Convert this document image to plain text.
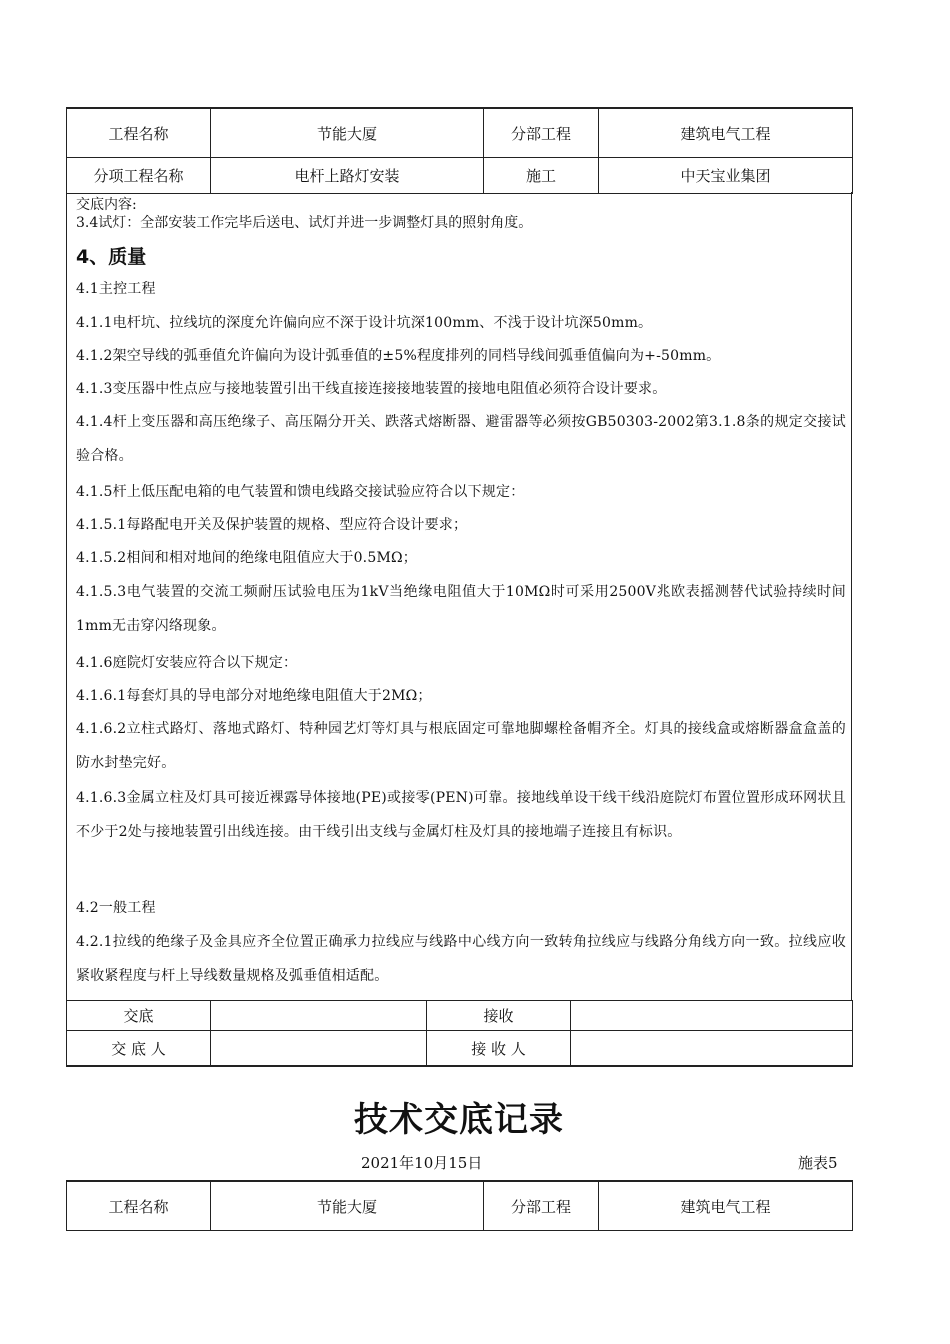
工程名称	节能大厦	分部工程	建筑电气工程
分项工程名称	电杆上路灯安装	施工	中天宝业集团
交底内容:
3.4试灯：全部安装工作完毕后送电、试灯并进一步调整灯具的照射角度。
4、质量
4.1主控工程
4.1.1电杆坑、拉线坑的深度允许偏向应不深于设计坑深100mm、不浅于设计坑深50mm。
4.1.2架空导线的弧垂值允许偏向为设计弧垂值的±5%程度排列的同档导线间弧垂值偏向为+-50mm。
4.1.3变压器中性点应与接地装置引出干线直接连接接地装置的接地电阻值必须符合设计要求。
4.1.4杆上变压器和高压绝缘子、高压隔分开关、跌落式熔断器、避雷器等必须按GB50303-2002第3.1.8条的规定交接试验合格。
4.1.5杆上低压配电箱的电气装置和馈电线路交接试验应符合以下规定：
4.1.5.1每路配电开关及保护装置的规格、型应符合设计要求；
4.1.5.2相间和相对地间的绝缘电阻值应大于0.5MΩ；
4.1.5.3电气装置的交流工频耐压试验电压为1kV当绝缘电阻值大于10MΩ时可采用2500V兆欧表摇测替代试验持续时间1mm无击穿闪络现象。
4.1.6庭院灯安装应符合以下规定：
4.1.6.1每套灯具的导电部分对地绝缘电阻值大于2MΩ；
4.1.6.2立柱式路灯、落地式路灯、特种园艺灯等灯具与根底固定可靠地脚螺栓备帽齐全。灯具的接线盒或熔断器盒盒盖的防水封垫完好。
4.1.6.3金属立柱及灯具可接近裸露导体接地(PE)或接零(PEN)可靠。接地线单设干线干线沿庭院灯布置位置形成环网状且不少于2处与接地装置引出线连接。由干线引出支线与金属灯柱及灯具的接地端子连接且有标识。
4.2一般工程
4.2.1拉线的绝缘子及金具应齐全位置正确承力拉线应与线路中心线方向一致转角拉线应与线路分角线方向一致。拉线应收紧收紧程度与杆上导线数量规格及弧垂值相适配。
交底		接收	
交 底 人		接 收 人	
技术交底记录
2021年10月15日	施表5
工程名称	节能大厦	分部工程	建筑电气工程
